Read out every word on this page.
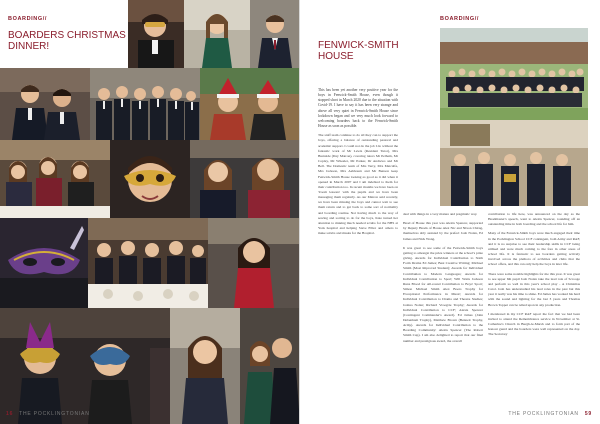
BOARDING//
BOARDERS CHRISTMAS DINNER!
16 THE POCKLINGTONIAN
BOARDING//
FENWICK-SMITH HOUSE

This has been yet another very positive year for the boys in Fenwick-Smith House, even though it stopped short in March 2020 due to the situation with Covid-19. I have to say it has been very strange and above all very quiet in Fenwick-Smith House since lockdown began and we very much look forward to welcoming boarders back to the Fenwick-Smith House as soon as possible.

The staff team continue to do all they can to support the boys, offering a balance of outstanding pastoral and academic support. I could not do the job I do without the fantastic work of Mr Lewis (Resident Tutor), Mrs Burnside (Day Matron), covering tutors Mr Pelham, Mr Copley, Mr Wheeler, Mr Parker, Dr Andrews and Mr Bell. The Domestic team of Mrs Terry, Mrs Metcalfe, Mrs Jackson, Mrs Ashbourn and Mr Benson keep Fenwick-Smith House looking as good as it did when it opened in March 2007 and I am indebted to them for their contribution too. In recent months we have been on 'Zoom lessons' with the pupils and we have been messaging them regularly. As our Matron said recently, we have been missing the boys and cannot wait to see them return and to get back to some sort of normality and boarding routine. Not having much to the way of sewing and sorting to do for the boys, Kate turned her attention to making much needed scrubs for the NHS at York hospital and helping Steve Elliot and others to make scrubs and masks for the Hospital.

deal with things in a very mature and pragmatic way.

Head of House this year was Alexis Spencer, supported by Deputy Heads of House Alex Nic and Nixon Chirag, themselves ably assisted by the prefect Josh Nolan, Ed James and Nick Wong.

It was great to see some of the Fenwick-Smith boys getting to amongst the prize winners at the school's prize giving. Awards for Individual Contribution to Sixth Form Drama Ed James; Best Creative Writing; Michael Smith (Most Improved Student); Awards for Individual Contribution to Modern Languages; Awards for Individual Contribution to Sport; Will Watts Jackson Runs Blood for All-round Contribution to Boys' Sport; Simon Michael Smith Alex Boers Trophy for Exceptional Performance in Music; Awards for Individual Contribution to Drama and Theatre Studies; Joshua Nolan; Richard Vroegrie Trophy; Awards for Individual Contribution to CCF; Alexis Spencer (Contingent Commander's Award). Ed James (John Debenham Trophy), Matthew Brown (Bennett Trophy, Army). Awards for Individual Contribution to the Boarding Community: Alexis Spencer (The Robert Smith Cup). I am also delighted to report that our final number and prestigious award, the overall

contribution to life here, was announced on the day as the Headmaster's speech, went to Alexis Spencer, rounding off an outstanding time in both boarding and the school life for him.

Many of the Fenwick-Smith boys were much engaged their time in the Pocklington School CCF contingent, both Army and RAF, and it is no surprise to see their leadership skills in CCF being utilised and were much coming to the fore in other areas of school life. It is fantastic to see boarders getting actively involved across the plethora of activities and clubs that the school offers, and this can only help the boys in later life.

There were some notable highlights for me this year. It was great to see upper 6th pupil Josh Nolan take the lead role of Scrooge and perform so well in this year's school play - A Christmas Carol. Josh has understudied his lead roles in the past but this year it really was his time to shine. Ed James has worked his hard with the sound and lighting for the last 3 years and Thomas Brown Toppet can be relied upon in any production.

I mentioned in my CCF RAF report the fact that we had been invited to attend the Remembrance service in November at St. Catherine's Church in Burgh-le-Marsh and to form part of the honour guard and the boarders were well represented on the day. The Secretary

THE POCKLINGTONIAN 59
